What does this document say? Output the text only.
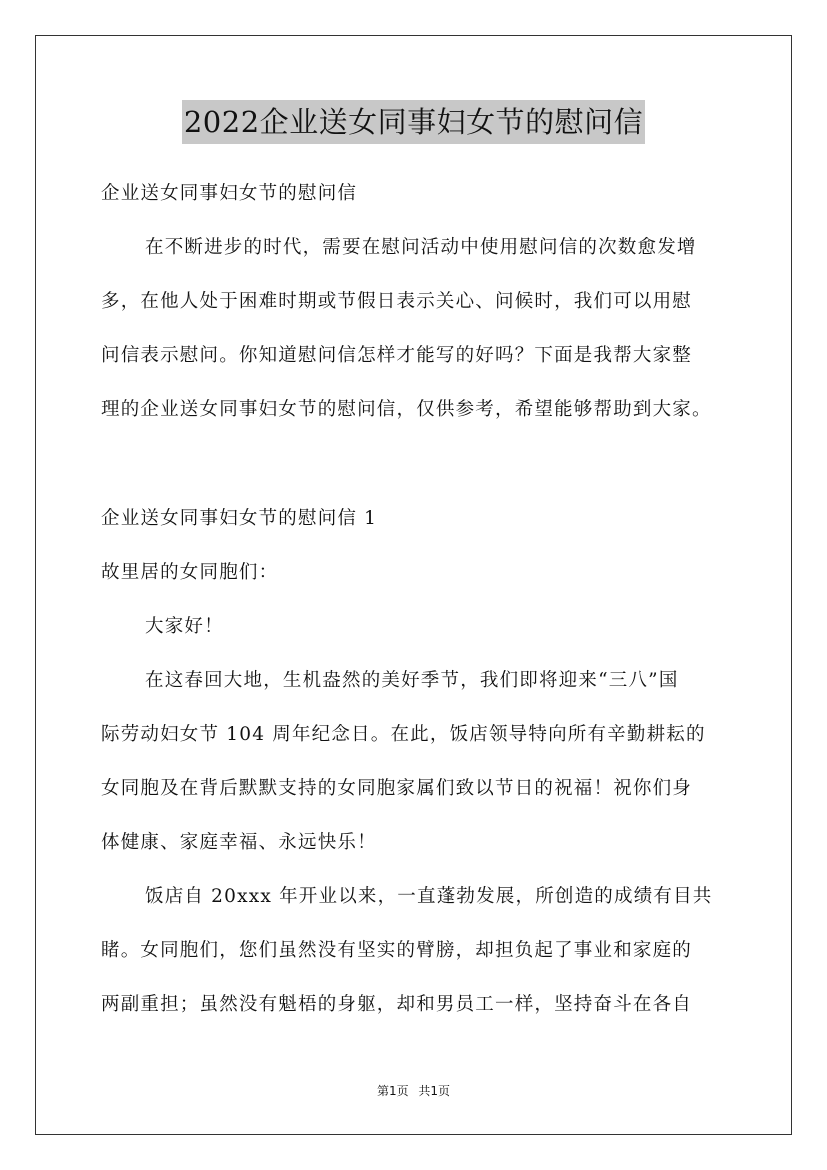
2022企业送女同事妇女节的慰问信
企业送女同事妇女节的慰问信
在不断进步的时代，需要在慰问活动中使用慰问信的次数愈发增
多，在他人处于困难时期或节假日表示关心、问候时，我们可以用慰
问信表示慰问。你知道慰问信怎样才能写的好吗？下面是我帮大家整
理的企业送女同事妇女节的慰问信，仅供参考，希望能够帮助到大家。
企业送女同事妇女节的慰问信 1
故里居的女同胞们：
大家好！
在这春回大地，生机盎然的美好季节，我们即将迎来“三八”国
际劳动妇女节 104 周年纪念日。在此，饭店领导特向所有辛勤耕耘的
女同胞及在背后默默支持的女同胞家属们致以节日的祝福！祝你们身
体健康、家庭幸福、永远快乐！
饭店自 20xxx 年开业以来，一直蓬勃发展，所创造的成绩有目共
睹。女同胞们，您们虽然没有坚实的臂膀，却担负起了事业和家庭的
两副重担；虽然没有魁梧的身躯，却和男员工一样，坚持奋斗在各自
第1页 共1页
